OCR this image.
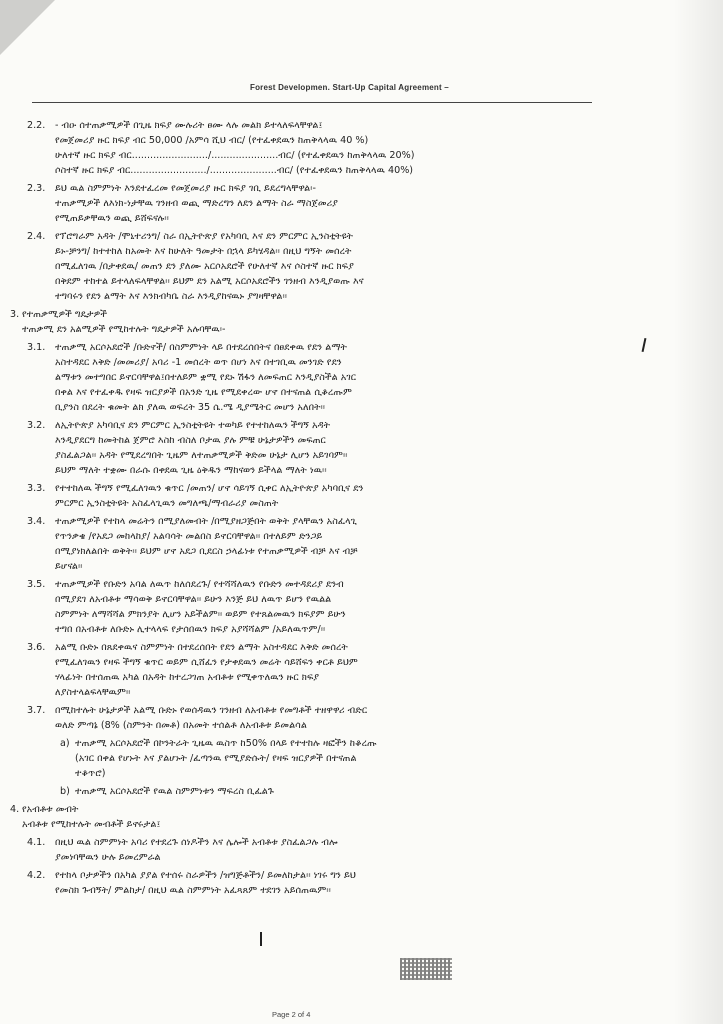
Forest Developmen. Start-Up Capital Agreement –
2.2. - ብዑ ሰተጠቃሚዎች በጊዜ ክፍያ ሙሉሪት ፀሙ ላሉ መልክ ይተላለፍላቸዋል፤
የመጀመሪያ ዙር ክፍያ ብር 50,000 /አምሳ ሺህ ብር/ (የተፈቀደዉን ከጠቅላላዉ 40 %)
ሁለተኛ ዙር ክፍያ ብር........................./......................ብር/ (የተፈቀደዉን ከጠቅላላዉ 20%)
ሶስተኛ ዙር ክፍያ ብር........................./......................ብር/ (የተፈቀደዉን ከጠቅላላዉ 40%)
2.3. ይህ ዉል ስምምነት እንደተፈረመ የመጀመሪያ ዙር ክፍያ ገቢ ይደረግላቸዋል፡-
ተጠቃሚዎች ለእነክ-ነታቸዉ ገንዘብ ወጪ ማድረግን ለደን ልማት ስራ ማስጀመሪያ
የሚጠይቃቸዉን ወጪ ይሸፍናሉ፡፡
2.4. የፕሮግራም አዳት /ሞኒተሪንግ/ ስራ በኢትዮጵያ የአካባቢ እና ደን ምርምር ኢንስቲትዩት
ይኑ-ቻንግ/ ከተተከለ ከአመት እና ከሁለት ዓመታት በኋላ ይካሄዳል፡፡ በዚህ ግኝት መሰረት
በሚፈለገዉ /በታቀደዉ/ መጠን ደን ያለሙ አርሶአደሮች የሁለተኛ እና ሶስተኛ ዙር ክፍያ
በቅደም ተከተል ይተላለፍላቸዋል፡፡ ይህም ደን አልሚ አርሶአደሮችን ገንዘብ እንዲያወጡ እና
ተግባሩን የደን ልማት እና እንክብካቤ ስራ እንዲያከናዉኑ ያግዛቸዋል፡፡
3. የተጠቃሚዎች ግዴታዎች
ተጠቃሚ ደን አልሚዎች የሚከተሉት ግዴታዎች አሉባቸዉ፡-
3.1. ተጠቃሚ አርሶአደሮች /ቡድኖች/ በስምምነት ላይ በተደረሰበትና በፀደቀዉ የደን ልማት
አስተዳደር እቅድ /መመሪያ/ አባሪ -1 መሰረት ወጥ በሆነ እና በተገቢዉ መንገድ የደን
ልማቱን መተግበር ይኖርባቸዋል፤በተለይም ቋሚ የደኑ ሽፋን ለመፍጠር እንዲያስችል አገር
በቀል እና የተፈቀዱ የዛፍ ዝርያዎች በአንድ ጊዜ የሚደቀረው ሆኖ በተናጠል ሲቆረጡም
ቢያንስ በደረት ቁመት ልክ ያለዉ ወፍረት 35 ሴ.ሜ ዲያሜትር መሆን አለበት፡፡
3.2. ለኢትዮጵያ አካባቢና ደን ምርምር ኢንስቲትዩት ተወካይ የተተከለዉን ችግኝ አዳት
እንዲያደርግ ከመትከል ጀምሮ እስከ ብስለ ቦታዉ ያሉ ምቹ ሁኔታዎችን መፍጠር
ያስፈልጋል፡፡ አዳት የሚደረግበት ጊዜም ለተጠቃሚዎች ቅድመ ሁኔታ ሊሆን አይገባም፡፡
ይህም ማለት ተቋሙ በራሱ በቀደዉ ጊዜ ዕቅዱን ማከናወን ይችላል ማለት ነዉ፡፡
3.3. የተተከለዉ ችግኝ የሚፈለገዉን ቁጥር /መጠን/ ሆኖ ሳይገኝ ሲቀር ለኢትዮጵያ አካባቢና ደን
ምርምር ኢንስቲትዩት አስፈላጊዉን መግለጫ/ማብራሪያ መስጠት
3.4. ተጠቃሚዎች የተከላ መሬትን በሚያለመብት /በሚያዘጋጅበት ወቅት ያላቸዉን አስፈላጊ
የጥንቃቄ /የአደጋ መከላከያ/ አልባሳት መልበስ ይኖርባቸዋል፡፡ በተለይም ድንጋይ
በሚያነክለልበት ወቅት፡፡ ይህም ሆኖ አደጋ ቢደርስ ኃላፊነቱ የተጠቃሚዎች ብቻ እና ብቻ
ይሆናል፡፡
3.5. ተጠቃሚዎች የቡድን አባል ለዉጥ ከለሰደረጉ/ የተሻሻለዉን የቡድን መተዳደሪያ ደንብ
በሚያደገ ለአብቶቱ ማሳወቅ ይኖርባቸዋል፡፡ ይሁን እንጅ ይህ ለዉጥ ይሆን የዉልል
ስምምነት ለማሻሻል ምክንያት ሊሆን አይችልም፡፡ ወይም የተጸልመዉን ክፍያም ይሁን
ተግበ በአብቶቱ ለቡድኑ ሊተላላፍ የታሰበዉን ክፍያ አያሻሻልም /አይለዉጥም/፡፡
3.6. አልሚ ቡድኑ በጸደቀዉና ስምምነት በተደረሰበት የደን ልማት አስተዳደር እቅድ መሰረት
የሚፈለገዉን የዛፍ ችግኝ ቁጥር ወይም ሲሸፈን የታቀደዉን መሬት ሳይሸፍን ቀርቶ ይህም
ሃላፊነት በተሰጠዉ አካል በአዳት ከተረጋገጠ አብቶቱ የሚቀጥለዉን ዙር ክፍያ
ለያስተላልፍላቸዉም፡፡
3.7. በሚከተሉት ሁኔታዎች አልሚ ቡድኑ የወሰዳዉን ገንዘብ ለአብቶቱ የመግቶች ተዘዋዋሪ ብድር
ወለድ ምጣኔ (8% (ስምንት በመቶ) በአመት ተሰልቶ ለአብቶቱ ይመልሳል
a) ተጠቃሚ አርሶአደሮች በኮንትራት ጊዜዉ ዉስጥ ከ50% በላይ የተተከሉ ዛፎችን ከቆረጡ
(አገር በቀል የሆኑት እና ያልሆኑት /ፈጣንዉ የሚያድሱት/ የዛፍ ዝርያዎች በተናጠል
ተቆጥሮ)
b) ተጠቃሚ አርሶአደሮች የዉል ስምምነቱን ማፍረስ ቢፈልጉ
4. የአብቶቱ መብት
አብቶቱ የሚከተሉት መብቶች ይኖሩታል፤
4.1. በዚህ ዉል ስምምነት አባሪ የተደረጉ ሰነዶችን እና ሌሎች አብቶቱ ያስፈልጋሉ ብሎ
ያመነባቸዉን ሁሉ ይመረምራል
4.2. የተከላ ቦታዎችን በአካል ያያል የተሰሩ ስራዎችን /ዝግጅቶችን/ ይመለከታል፡፡ ነገሩ ግን ይህ
የመስክ ጉብኝት/ ምልከታ/ በዚህ ዉል ስምምነት አፈጻጸም ተደገን አይሰጠዉም፡፡
Page 2 of 4
